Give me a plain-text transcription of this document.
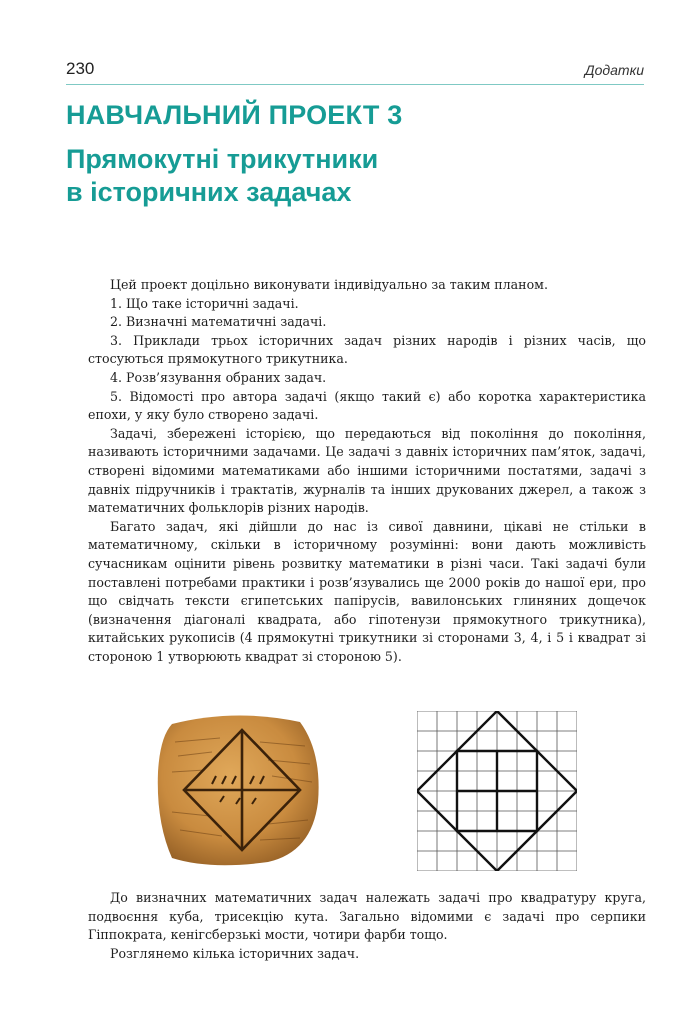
230	Додатки
НАВЧАЛЬНИЙ ПРОЕКТ 3
Прямокутні трикутники
в історичних задачах

Цей проект доцільно виконувати індивідуально за таким планом.

1. Що таке історичні задачі.

2. Визначні математичні задачі.

3. Приклади трьох історичних задач різних народів і різних часів, що стосуються прямокутного трикутника.

4. Розв’язування обраних задач.

5. Відомості про автора задачі (якщо такий є) або коротка характеристика епохи, у яку було створено задачі.

Задачі, збережені історією, що передаються від покоління до покоління, називають історичними задачами. Це задачі з давніх історичних пам’яток, задачі, створені відомими математиками або іншими історичними постатями, задачі з давніх підручників і трактатів, журналів та інших друкованих джерел, а також з математичних фольклорів різних народів.

Багато задач, які дійшли до нас із сивої давнини, цікаві не стільки в математичному, скільки в історичному розумінні: вони дають можливість сучасникам оцінити рівень розвитку математики в різні часи. Такі задачі були поставлені потребами практики і розв’язувались ще 2000 років до нашої ери, про що свідчать тексти єгипетських папірусів, вавилонських глиняних дощечок (визначення діагоналі квадрата, або гіпотенузи прямокутного трикутника), китайських рукописів (4 прямокутні трикутники зі сторонами 3, 4, і 5 і квадрат зі стороною 1 утворюють квадрат зі стороною 5).

До визначних математичних задач належать задачі про квадратуру круга, подвоєння куба, трисекцію кута. Загально відомими є задачі про серпики Гіппократа, кенігсберзькі мости, чотири фарби тощо.

Розглянемо кілька історичних задач.
